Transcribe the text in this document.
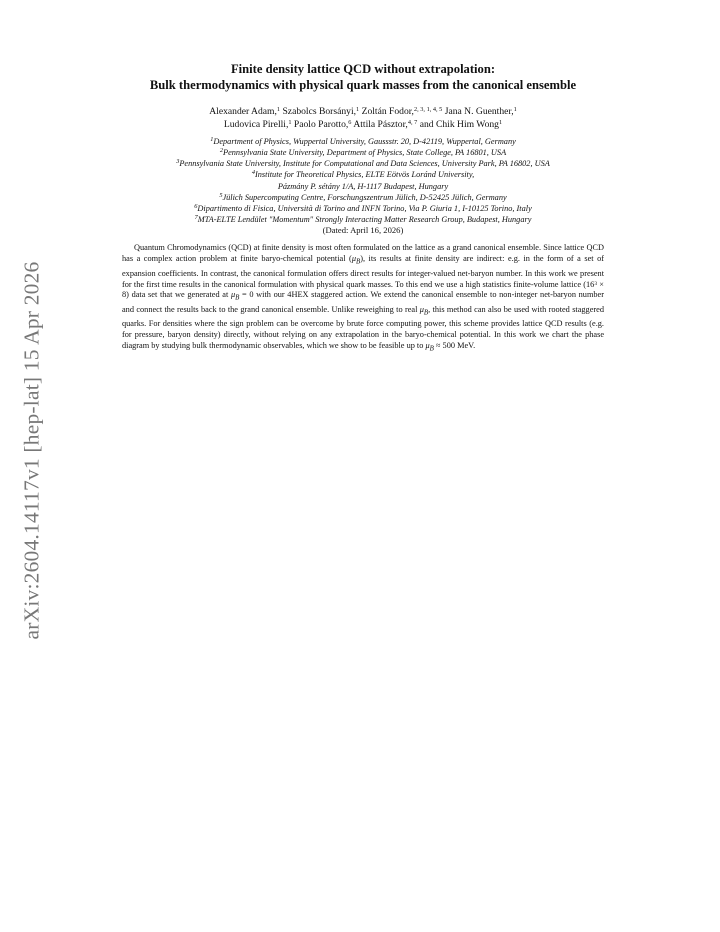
arXiv:2604.14117v1 [hep-lat] 15 Apr 2026
Finite density lattice QCD without extrapolation:
Bulk thermodynamics with physical quark masses from the canonical ensemble
Alexander Adam,$^1$ Szabolcs Borsányi,$^1$ Zoltán Fodor,$^{2, 3, 1, 4, 5}$ Jana N. Guenther,$^1$
Ludovica Pirelli,$^1$ Paolo Parotto,$^6$ Attila Pásztor,$^{4, 7}$ and Chik Him Wong$^1$
$^1$Department of Physics, Wuppertal University, Gaussstr. 20, D-42119, Wuppertal, Germany
$^2$Pennsylvania State University, Department of Physics, State College, PA 16801, USA
$^3$Pennsylvania State University, Institute for Computational and Data Sciences, University Park, PA 16802, USA
$^4$Institute for Theoretical Physics, ELTE Eötvös Loránd University,
Pázmány P. sétány 1/A, H-1117 Budapest, Hungary
$^5$Jülich Supercomputing Centre, Forschungszentrum Jülich, D-52425 Jülich, Germany
$^6$Dipartimento di Fisica, Università di Torino and INFN Torino, Via P. Giuria 1, I-10125 Torino, Italy
$^7$MTA-ELTE Lendület "Momentum" Strongly Interacting Matter Research Group, Budapest, Hungary
(Dated: April 16, 2026)

Quantum Chromodynamics (QCD) at finite density is most often formulated on the lattice as a grand canonical ensemble. Since lattice QCD has a complex action problem at finite baryo-chemical potential $(\mu_B)$, its results at finite density are indirect: e.g. in the form of a set of expansion coefficients. In contrast, the canonical formulation offers direct results for integer-valued net-baryon number. In this work we present for the first time results in the canonical formulation with physical quark masses. To this end we use a high statistics finite-volume lattice $(16^3 \times 8)$ data set that we generated at $\mu_B = 0$ with our 4HEX staggered action. We extend the canonical ensemble to non-integer net-baryon number and connect the results back to the grand canonical ensemble. Unlike reweighing to real $\mu_B$, this method can also be used with rooted staggered quarks. For densities where the sign problem can be overcome by brute force computing power, this scheme provides lattice QCD results (e.g. for pressure, baryon density) directly, without relying on any extrapolation in the baryo-chemical potential. In this work we chart the phase diagram by studying bulk thermodynamic observables, which we show to be feasible up to $\mu_B \approx 500$ MeV.
